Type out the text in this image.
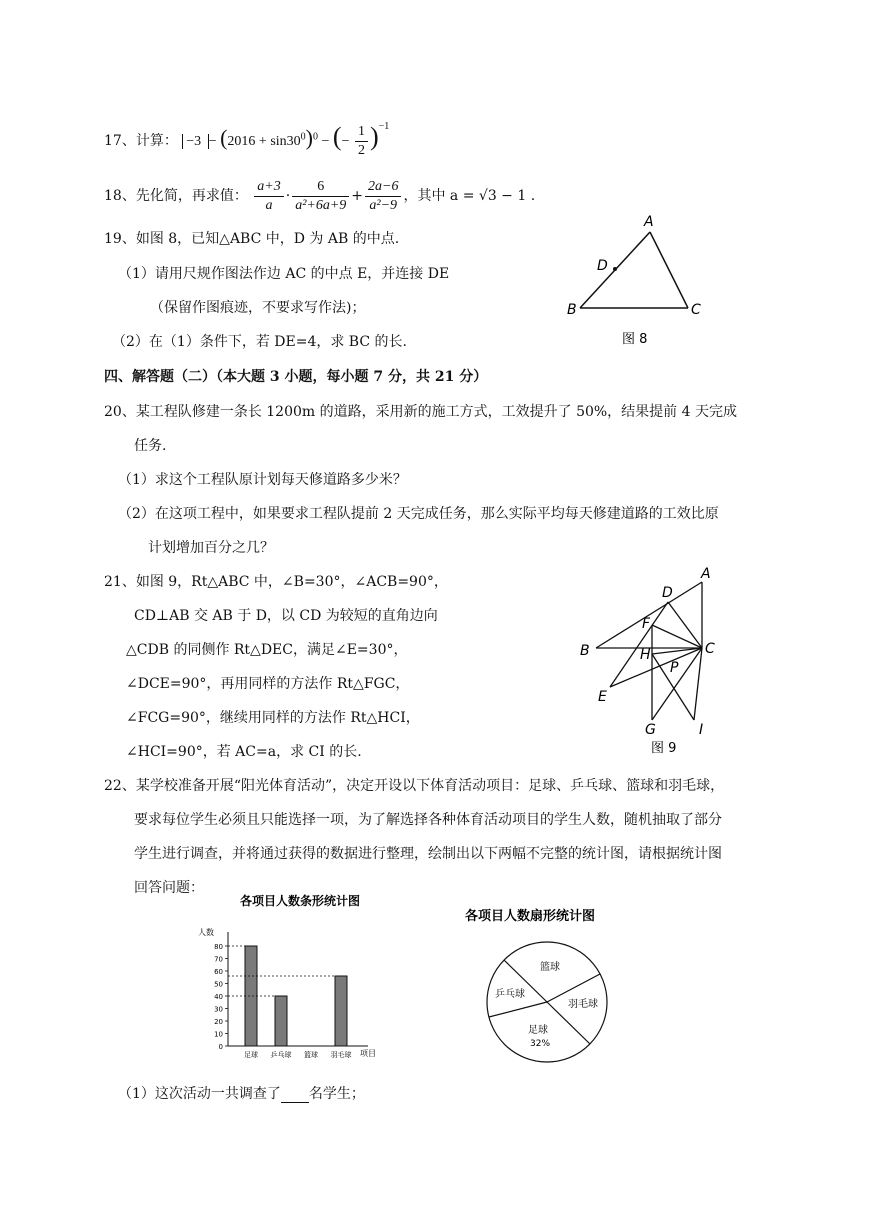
17、计算： $-3 - (2016 + \sin 30^0)^0$ − (− $\frac{1}{2} )^{-1}$
18、先化简，再求值： $\frac{a+3}{a} \cdot \frac{6}{\text{a²+6a+9}} + \frac{2a-6}{\text{a²−9}}$ ，其中 a = √3 − 1 .
19、如图 8，已知△ABC 中，D 为 AB 的中点.
（1）请用尺规作图法作边 AC 的中点 E，并连接 DE
（保留作图痕迹，不要求写作法)；
（2）在（1）条件下，若 DE=4，求 BC 的长.
A
B	C
D
图 8
四、解答题（二）（本大题 3 小题，每小题 7 分，共 21 分）
20、某工程队修建一条长 1200m 的道路，采用新的施工方式，工效提升了 50%，结果提前 4 天完成
任务.
（1）求这个工程队原计划每天修道路多少米？
（2）在这项工程中，如果要求工程队提前 2 天完成任务，那么实际平均每天修建道路的工效比原
计划增加百分之几？
21、如图 9，Rt△ABC 中，∠B=30°，∠ACB=90°，
CD⊥AB 交 AB 于 D，以 CD 为较短的直角边向
△CDB 的同侧作 Rt△DEC，满足∠E=30°，
∠DCE=90°，再用同样的方法作 Rt△FGC，
∠FCG=90°，继续用同样的方法作 Rt△HCI，
∠HCI=90°，若 AC=a，求 CI 的长.
A
B	C
D
E
F
G
H
I
P
图 9
22、某学校准备开展“阳光体育活动”，决定开设以下体育活动项目：足球、乒乓球、篮球和羽毛球，
要求每位学生必须且只能选择一项，为了解选择各种体育活动项目的学生人数，随机抽取了部分
学生进行调查，并将通过获得的数据进行整理，绘制出以下两幅不完整的统计图，请根据统计图
回答问题：
各项目人数条形统计图
人数
0
10
20
30
40
50
60
70
80
足球 乒乓球 篮球 羽毛球 项目
各项目人数扇形统计图
篮球
羽毛球
足球
32%
乒乓球
（1）这次活动一共调查了 名学生；
